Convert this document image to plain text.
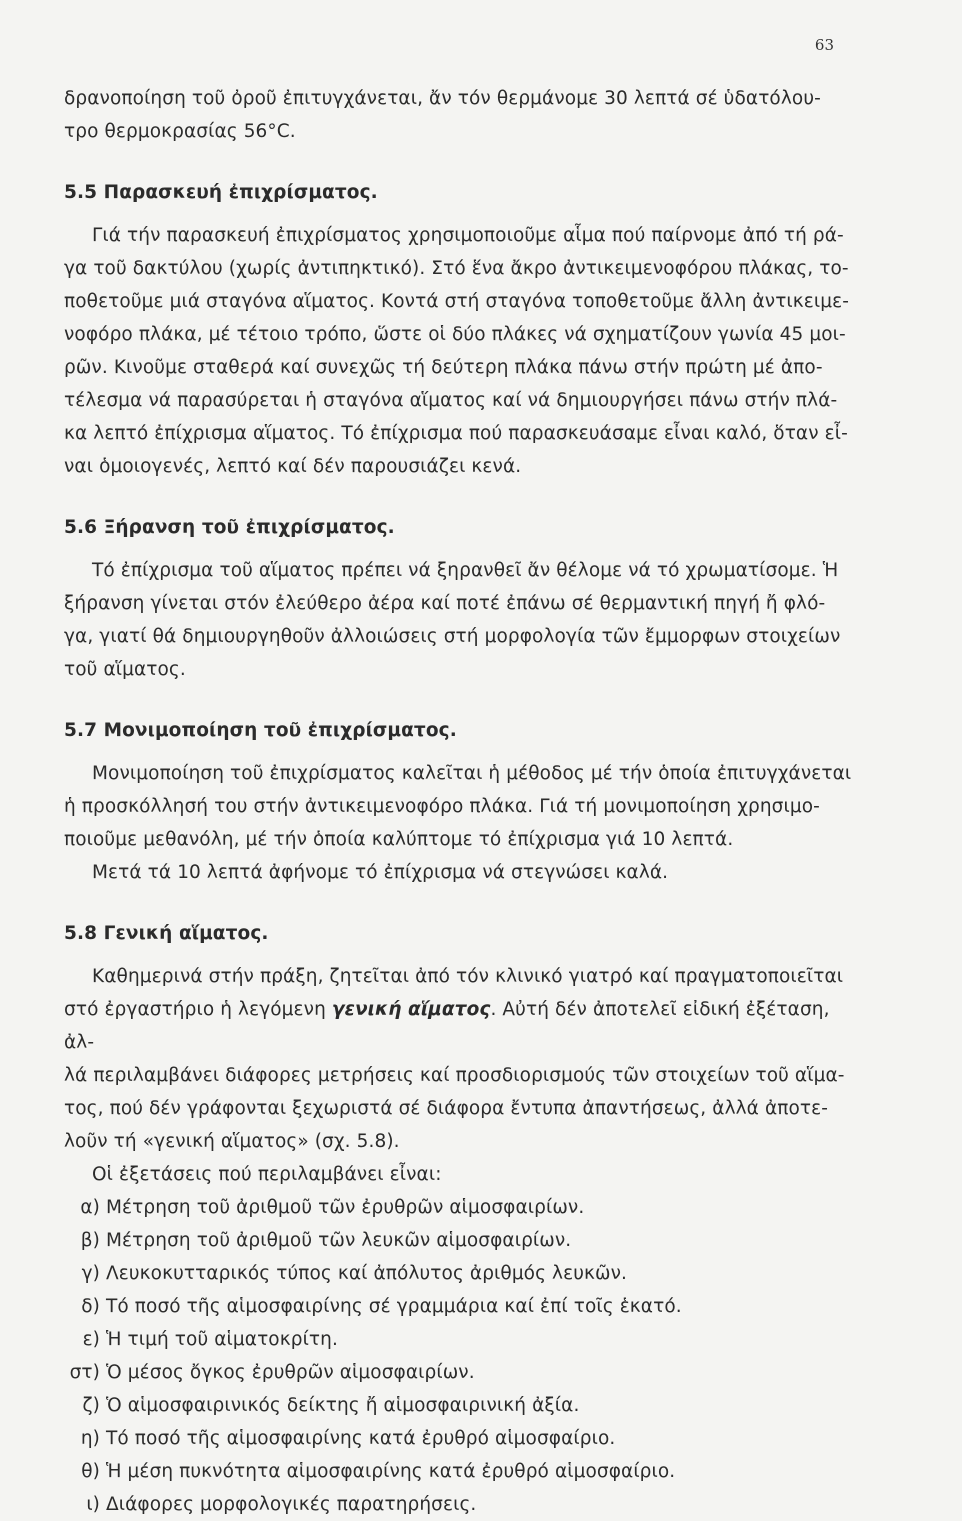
63

δρανοποίηση τοῦ ὀροῦ ἐπιτυγχάνεται, ἄν τόν θερμάνομε 30 λεπτά σέ ὑδατόλου-

τρο θερμοκρασίας 56°C.

5.5 Παρασκευή ἐπιχρίσματος.

Γιά τήν παρασκευή ἐπιχρίσματος χρησιμοποιοῦμε αἷμα πού παίρνομε ἀπό τή ρά-

γα τοῦ δακτύλου (χωρίς ἀντιπηκτικό). Στό ἕνα ἄκρο ἀντικειμενοφόρου πλάκας, το-

ποθετοῦμε μιά σταγόνα αἵματος. Κοντά στή σταγόνα τοποθετοῦμε ἄλλη ἀντικειμε-

νοφόρο πλάκα, μέ τέτοιο τρόπο, ὥστε οἱ δύο πλάκες νά σχηματίζουν γωνία 45 μοι-

ρῶν. Κινοῦμε σταθερά καί συνεχῶς τή δεύτερη πλάκα πάνω στήν πρώτη μέ ἀπο-

τέλεσμα νά παρασύρεται ἡ σταγόνα αἵματος καί νά δημιουργήσει πάνω στήν πλά-

κα λεπτό ἐπίχρισμα αἵματος. Τό ἐπίχρισμα πού παρασκευάσαμε εἶναι καλό, ὅταν εἶ-

ναι ὁμοιογενές, λεπτό καί δέν παρουσιάζει κενά.

5.6 Ξήρανση τοῦ ἐπιχρίσματος.

Τό ἐπίχρισμα τοῦ αἵματος πρέπει νά ξηρανθεῖ ἄν θέλομε νά τό χρωματίσομε. Ἡ

ξήρανση γίνεται στόν ἐλεύθερο ἀέρα καί ποτέ ἐπάνω σέ θερμαντική πηγή ἤ φλό-

γα, γιατί θά δημιουργηθοῦν ἀλλοιώσεις στή μορφολογία τῶν ἔμμορφων στοιχείων

τοῦ αἵματος.

5.7 Μονιμοποίηση τοῦ ἐπιχρίσματος.

Μονιμοποίηση τοῦ ἐπιχρίσματος καλεῖται ἡ μέθοδος μέ τήν ὁποία ἐπιτυγχάνεται

ἡ προσκόλλησή του στήν ἀντικειμενοφόρο πλάκα. Γιά τή μονιμοποίηση χρησιμο-

ποιοῦμε μεθανόλη, μέ τήν ὁποία καλύπτομε τό ἐπίχρισμα γιά 10 λεπτά.

Μετά τά 10 λεπτά ἀφήνομε τό ἐπίχρισμα νά στεγνώσει καλά.

5.8 Γενική αἵματος.

Καθημερινά στήν πράξη, ζητεῖται ἀπό τόν κλινικό γιατρό καί πραγματοποιεῖται

στό ἐργαστήριο ἡ λεγόμενη γενική αἵματος. Αὐτή δέν ἀποτελεῖ εἰδική ἐξέταση, ἀλ-

λά περιλαμβάνει διάφορες μετρήσεις καί προσδιορισμούς τῶν στοιχείων τοῦ αἵμα-

τος, πού δέν γράφονται ξεχωριστά σέ διάφορα ἔντυπα ἀπαντήσεως, ἀλλά ἀποτε-

λοῦν τή «γενική αἵματος» (σχ. 5.8).

Οἱ ἐξετάσεις πού περιλαμβάνει εἶναι:

α) Μέτρηση τοῦ ἀριθμοῦ τῶν ἐρυθρῶν αἱμοσφαιρίων.

β) Μέτρηση τοῦ ἀριθμοῦ τῶν λευκῶν αἱμοσφαιρίων.

γ) Λευκοκυτταρικός τύπος καί ἀπόλυτος ἀριθμός λευκῶν.

δ) Τό ποσό τῆς αἱμοσφαιρίνης σέ γραμμάρια καί ἐπί τοῖς ἑκατό.

ε) Ἡ τιμή τοῦ αἱματοκρίτη.

στ) Ὁ μέσος ὄγκος ἐρυθρῶν αἱμοσφαιρίων.

ζ) Ὁ αἱμοσφαιρινικός δείκτης ἤ αἱμοσφαιρινική ἀξία.

η) Τό ποσό τῆς αἱμοσφαιρίνης κατά ἐρυθρό αἱμοσφαίριο.

θ) Ἡ μέση πυκνότητα αἱμοσφαιρίνης κατά ἐρυθρό αἱμοσφαίριο.

ι) Διάφορες μορφολογικές παρατηρήσεις.
